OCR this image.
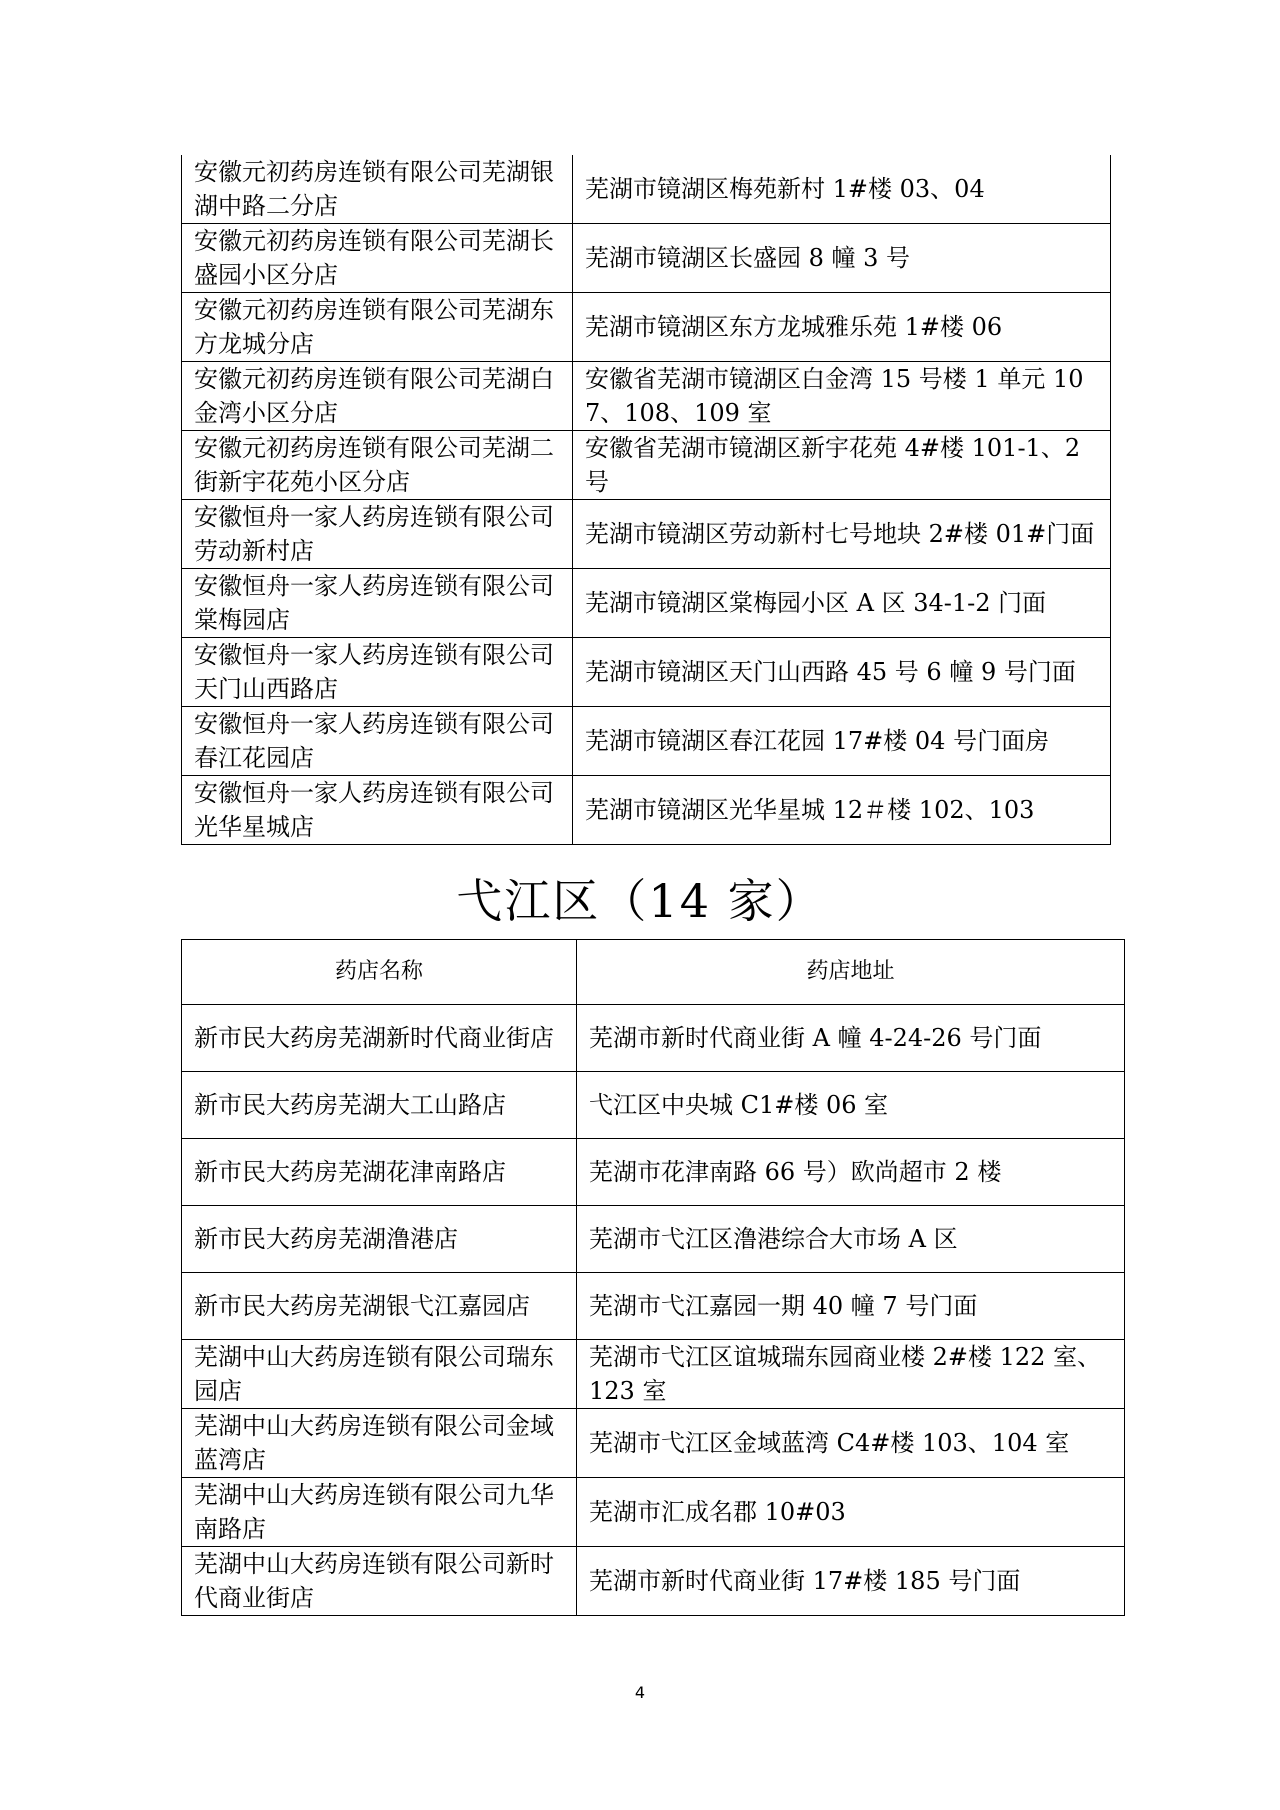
安徽元初药房连锁有限公司芜湖银湖中路二分店	芜湖市镜湖区梅苑新村 1#楼 03、04
安徽元初药房连锁有限公司芜湖长盛园小区分店	芜湖市镜湖区长盛园 8 幢 3 号
安徽元初药房连锁有限公司芜湖东方龙城分店	芜湖市镜湖区东方龙城雅乐苑 1#楼 06
安徽元初药房连锁有限公司芜湖白金湾小区分店	安徽省芜湖市镜湖区白金湾 15 号楼 1 单元 107、108、109 室
安徽元初药房连锁有限公司芜湖二街新宇花苑小区分店	安徽省芜湖市镜湖区新宇花苑 4#楼 101-1、2 号
安徽恒舟一家人药房连锁有限公司劳动新村店	芜湖市镜湖区劳动新村七号地块 2#楼 01#门面
安徽恒舟一家人药房连锁有限公司棠梅园店	芜湖市镜湖区棠梅园小区 A 区 34-1-2 门面
安徽恒舟一家人药房连锁有限公司天门山西路店	芜湖市镜湖区天门山西路 45 号 6 幢 9 号门面
安徽恒舟一家人药房连锁有限公司春江花园店	芜湖市镜湖区春江花园 17#楼 04 号门面房
安徽恒舟一家人药房连锁有限公司光华星城店	芜湖市镜湖区光华星城 12＃楼 102、103
弋江区（14 家）
药店名称	药店地址
新市民大药房芜湖新时代商业街店	芜湖市新时代商业街 A 幢 4-24-26 号门面
新市民大药房芜湖大工山路店	弋江区中央城 C1#楼 06 室
新市民大药房芜湖花津南路店	芜湖市花津南路 66 号）欧尚超市 2 楼
新市民大药房芜湖澛港店	芜湖市弋江区澛港综合大市场 A 区
新市民大药房芜湖银弋江嘉园店	芜湖市弋江嘉园一期 40 幢 7 号门面
芜湖中山大药房连锁有限公司瑞东园店	芜湖市弋江区谊城瑞东园商业楼 2#楼 122 室、123 室
芜湖中山大药房连锁有限公司金域蓝湾店	芜湖市弋江区金域蓝湾 C4#楼 103、104 室
芜湖中山大药房连锁有限公司九华南路店	芜湖市汇成名郡 10#03
芜湖中山大药房连锁有限公司新时代商业街店	芜湖市新时代商业街 17#楼 185 号门面
4
